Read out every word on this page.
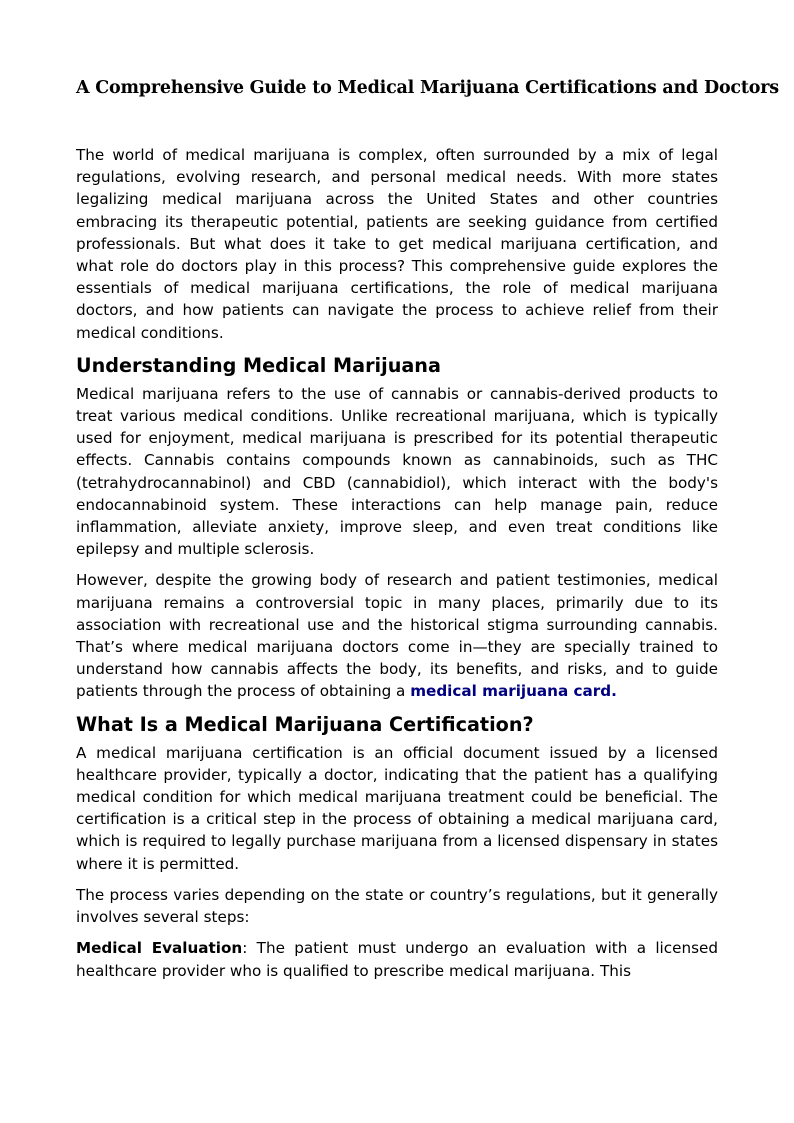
A Comprehensive Guide to Medical Marijuana Certifications and Doctors

The world of medical marijuana is complex, often surrounded by a mix of legal regulations, evolving research, and personal medical needs. With more states legalizing medical marijuana across the United States and other countries embracing its therapeutic potential, patients are seeking guidance from certified professionals. But what does it take to get medical marijuana certification, and what role do doctors play in this process? This comprehensive guide explores the essentials of medical marijuana certifications, the role of medical marijuana doctors, and how patients can navigate the process to achieve relief from their medical conditions.

Understanding Medical Marijuana

Medical marijuana refers to the use of cannabis or cannabis-derived products to treat various medical conditions. Unlike recreational marijuana, which is typically used for enjoyment, medical marijuana is prescribed for its potential therapeutic effects. Cannabis contains compounds known as cannabinoids, such as THC (tetrahydrocannabinol) and CBD (cannabidiol), which interact with the body's endocannabinoid system. These interactions can help manage pain, reduce inflammation, alleviate anxiety, improve sleep, and even treat conditions like epilepsy and multiple sclerosis.

However, despite the growing body of research and patient testimonies, medical marijuana remains a controversial topic in many places, primarily due to its association with recreational use and the historical stigma surrounding cannabis. That’s where medical marijuana doctors come in—they are specially trained to understand how cannabis affects the body, its benefits, and risks, and to guide patients through the process of obtaining a medical marijuana card.

What Is a Medical Marijuana Certification?

A medical marijuana certification is an official document issued by a licensed healthcare provider, typically a doctor, indicating that the patient has a qualifying medical condition for which medical marijuana treatment could be beneficial. The certification is a critical step in the process of obtaining a medical marijuana card, which is required to legally purchase marijuana from a licensed dispensary in states where it is permitted.

The process varies depending on the state or country’s regulations, but it generally involves several steps:

Medical Evaluation: The patient must undergo an evaluation with a licensed healthcare provider who is qualified to prescribe medical marijuana. This
